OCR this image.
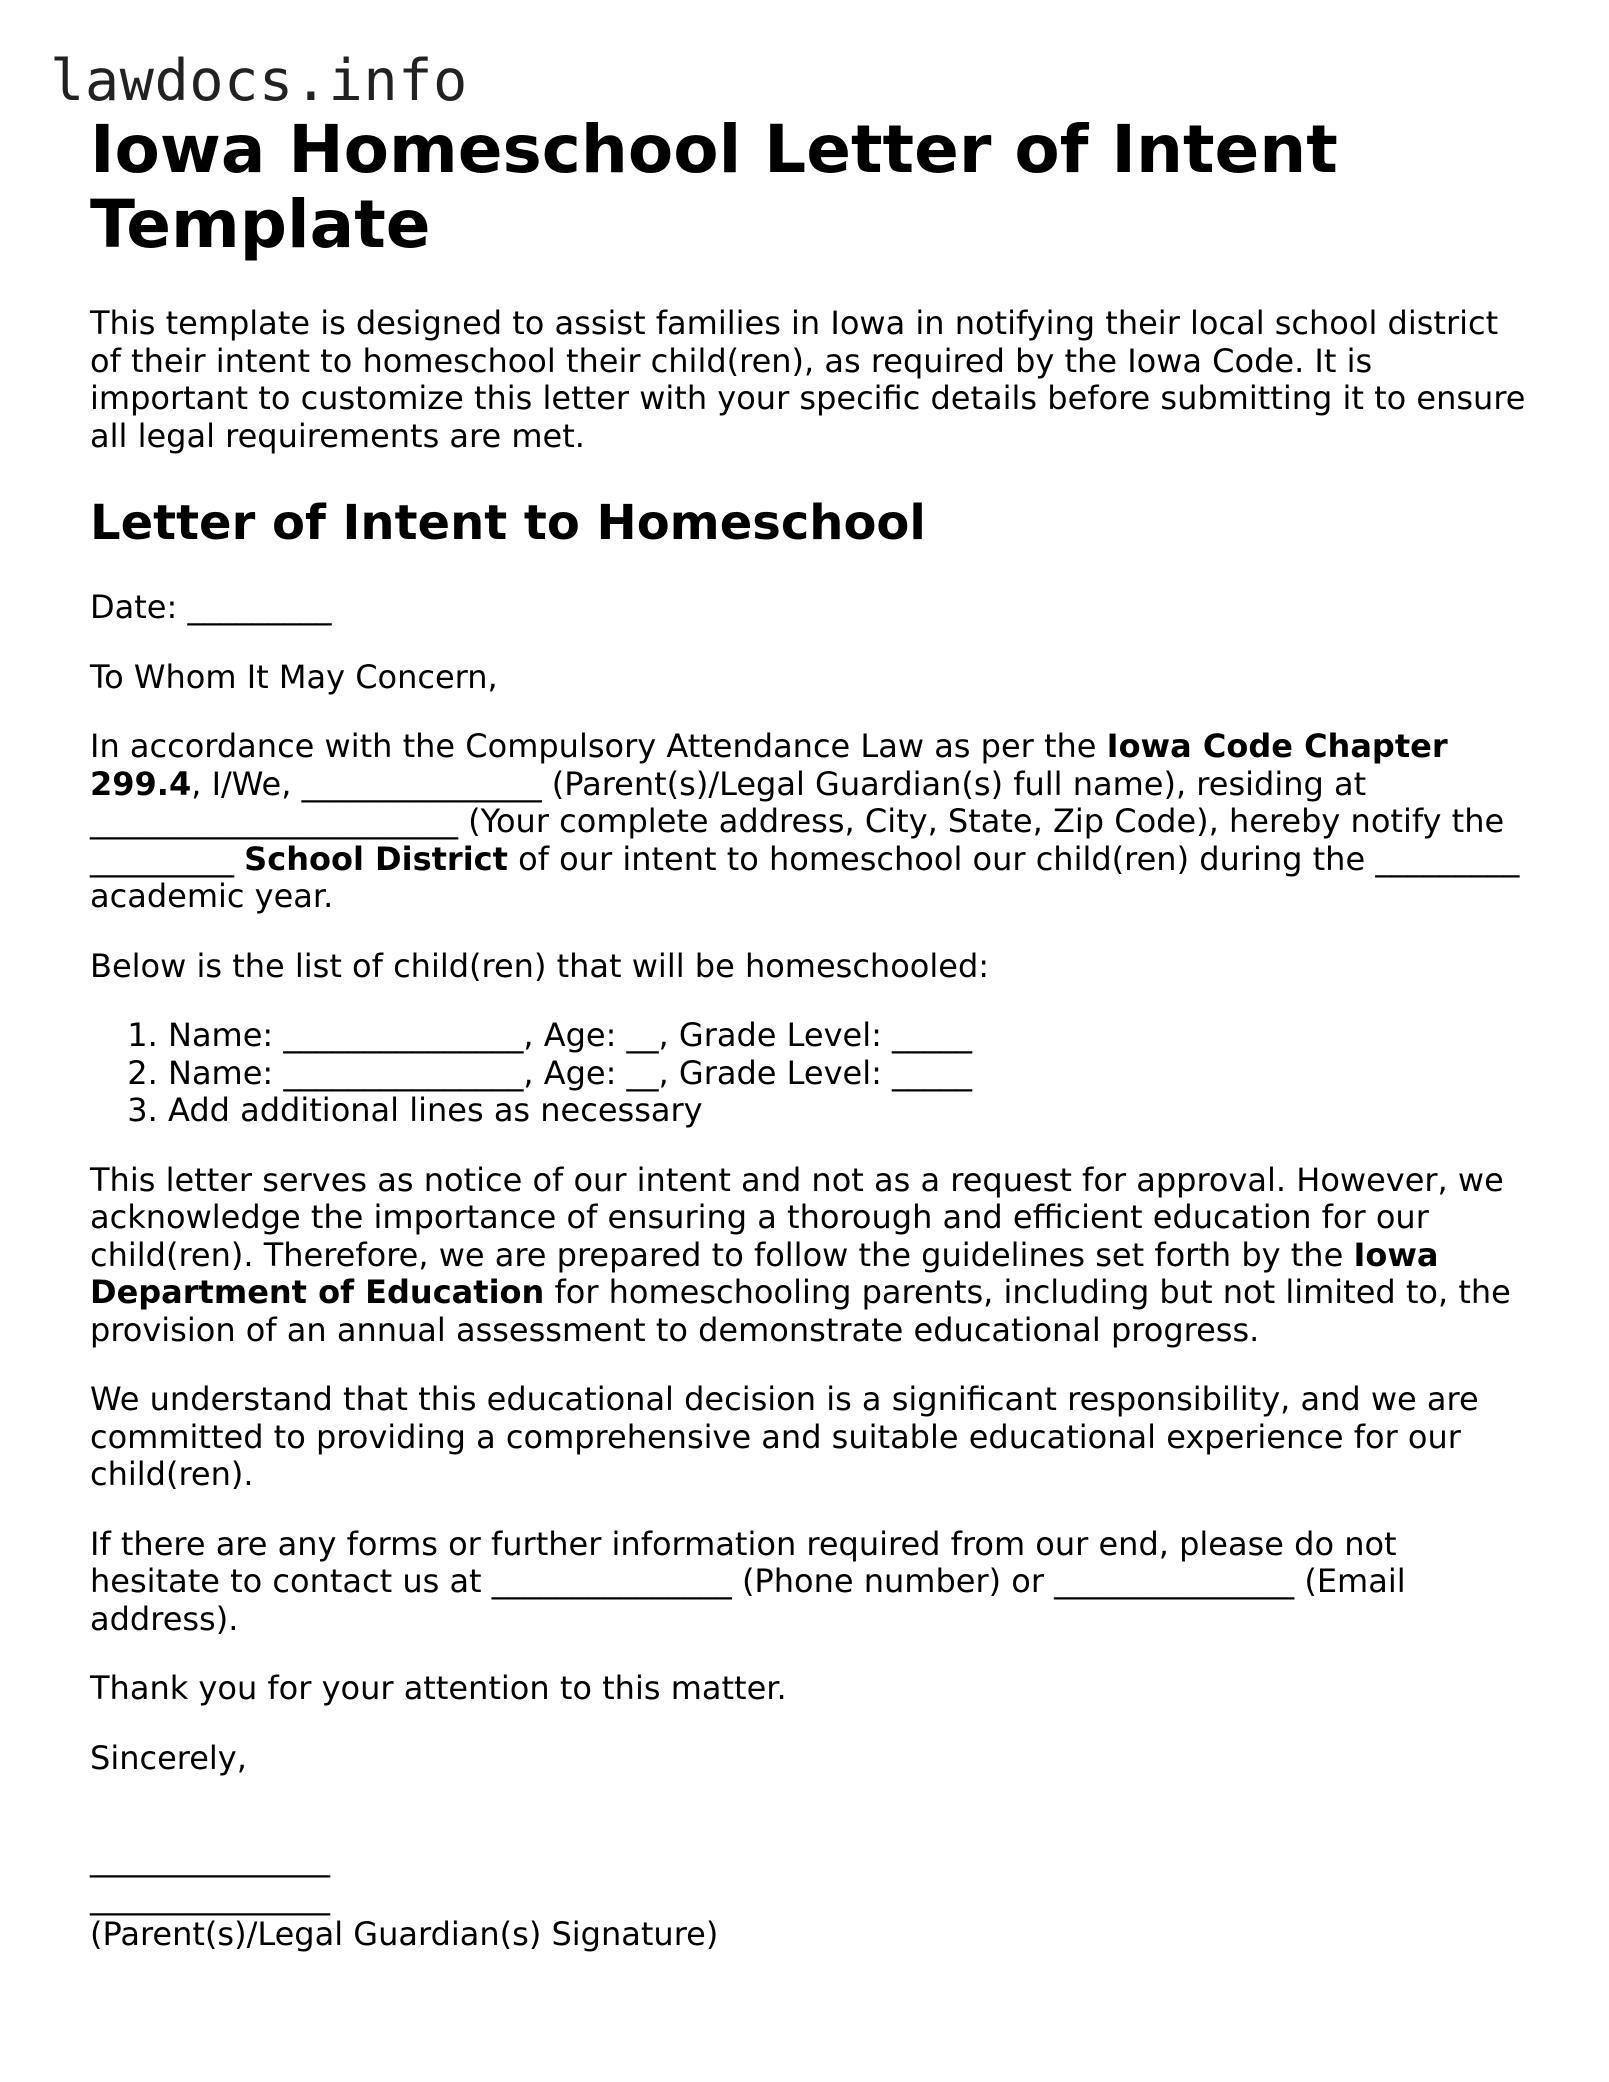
lawdocs.info
Iowa Homeschool Letter of Intent Template

This template is designed to assist families in Iowa in notifying their local school district of their intent to homeschool their child(ren), as required by the Iowa Code. It is important to customize this letter with your specific details before submitting it to ensure all legal requirements are met.

Letter of Intent to Homeschool

Date: _________

To Whom It May Concern,

In accordance with the Compulsory Attendance Law as per the Iowa Code Chapter 299.4, I/We, _______________ (Parent(s)/Legal Guardian(s) full name), residing at _______________________ (Your complete address, City, State, Zip Code), hereby notify the _________ School District of our intent to homeschool our child(ren) during the _________ academic year.

Below is the list of child(ren) that will be homeschooled:

1. Name: _______________, Age: __, Grade Level: _____
2. Name: _______________, Age: __, Grade Level: _____
3. Add additional lines as necessary

This letter serves as notice of our intent and not as a request for approval. However, we acknowledge the importance of ensuring a thorough and efficient education for our child(ren). Therefore, we are prepared to follow the guidelines set forth by the Iowa Department of Education for homeschooling parents, including but not limited to, the provision of an annual assessment to demonstrate educational progress.

We understand that this educational decision is a significant responsibility, and we are committed to providing a comprehensive and suitable educational experience for our child(ren).

If there are any forms or further information required from our end, please do not hesitate to contact us at _______________ (Phone number) or _______________ (Email address).

Thank you for your attention to this matter.

Sincerely,

_______________

_______________

(Parent(s)/Legal Guardian(s) Signature)
